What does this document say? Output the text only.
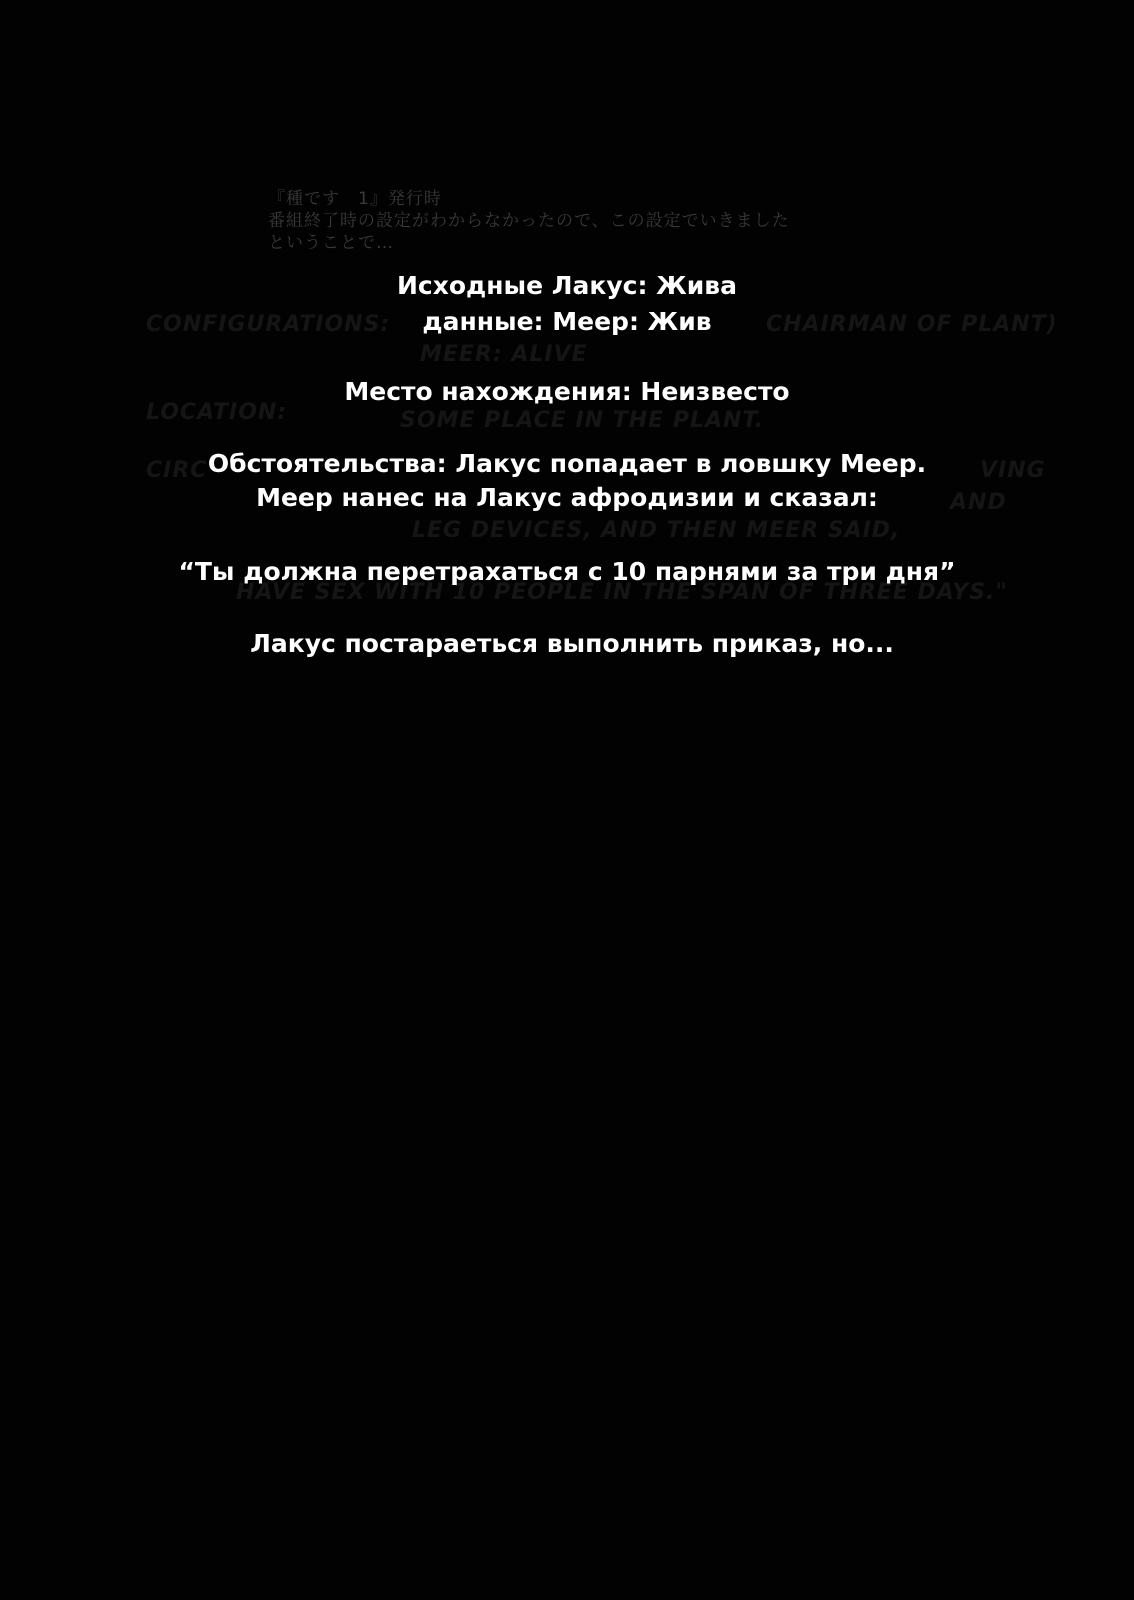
『種です　1』発行時
番組終了時の設定がわからなかったので、この設定でいきました
ということで…
CONFIGURATIONS:	CHAIRMAN OF PLANT)
MEER: ALIVE
LOCATION:	SOME PLACE IN THE PLANT.
CIRC	VING
AND
LEG DEVICES, AND THEN MEER SAID,
HAVE SEX WITH 10 PEOPLE IN THE SPAN OF THREE DAYS."
Исходные Лакус: Жива
данные: Меер: Жив
Место нахождения: Неизвесто
Обстоятельства: Лакус попадает в ловшку Меер.
Меер нанес на Лакус афродизии и сказал:
“Ты должна перетрахаться с 10 парнями за три дня”
Лакус постараеться выполнить приказ, но...
